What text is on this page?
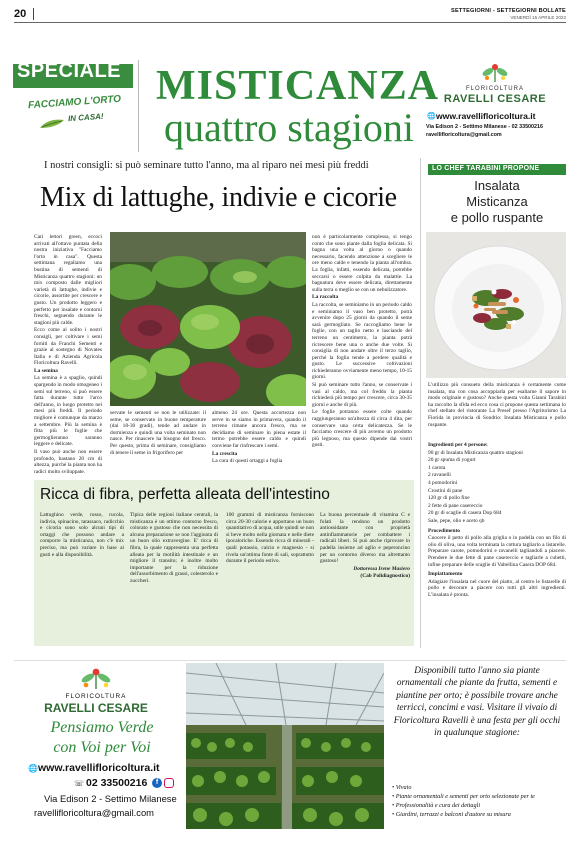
20	SETTEGIORNI - SETTEGIORNI BOLLATE
VENERDÌ 15 APRILE 2022
SPECIALE
FACCIAMO L'ORTO
IN CASA!
MISTICANZA
quattro stagioni
FLORICOLTURA
RAVELLI CESARE
🌐 www.ravellifloricoltura.it
Via Edison 2 - Settimo Milanese - 02 33500216
ravellifloricoltura@gmail.com
I nostri consigli: si può seminare tutto l'anno, ma al riparo nei mesi più freddi
Mix di lattughe, indivie e cicorie

Cari lettori green, eccoci arrivati all'ottavo puntata della nostra iniziativa "Facciamo l'orto in casa". Questa settimana regaliamo una bustina di sementi di Misticanza quattro stagioni: un mix composto dalle migliori varietà di lattughe, indivie e cicorie, assortite per crescere e gusto. Un prodotto leggero e perfetto per insalate e contorni freschi, seguendo durante le stagioni più calde.

Ecco come al solito i nostri consigli, per coltivare i semi forniti da Franchi Sementi e grazie al sostegno di Novates Italia e di Azienda Agricola Floricoltura Ravelli.

La semina

La semina è a spaglio, quindi spargendo in modo omogeneo i semi sul terreno, si può essere fatta durante tutto l'arco dell'anno, in luogo protetto nei mesi più freddi. Il periodo migliore è comunque da marzo a settembre. Più la semina è fitta più le foglie che germoglieranno saranno leggere e delicate.

Il vaso può anche non essere profondo, bastano 20 cm di altezza, purché la pianta non ha radici molto sviluppate.

servate le sementi se non le utilizzate: il seme, se conservato in buone temperature (dai 18-30 gradi), tende ad andare in dormienza e quindi una volta seminato non nasce. Per rinascere ha bisogno del fresco. Per questo, prima di seminare, consigliamo di tenere il seme in frigorifero per

almeno 24 ore. Questa accortezza non serve in se siamo in primavera, quando il terreno rimane ancora fresco, ma se decidiamo di seminare in piena estate il termo potrebbe essere caldo e quindi conviene far rinfrescare i semi.

La crescita

La cura di questi ortaggi a foglia

non è particolarmente complessa, si tengo conto che sono piante dalla foglia delicata. Si bagna una volta al giorno o quando necessario, facendo attenzione a scegliere le ore meno calde e tenendo la pianta all'ombra. La foglia, infatti, essendo delicata, potrebbe seccarsi o essere colpita da malattie. La bagnatura deve essere delicata, direttamente sulla terra o meglio se con un nebulizzatore.

La raccolta

La raccolta, se seminiamo in un periodo caldo e seminiamo il vaso ben protetto, potrà avvenire dopo 25 giorni da quando il seme sarà germogliato. Se raccogliamo bene le foglie, con un taglio netto e lasciando del terreno un centimetro, la pianta potrà ricrescere bene una o anche due volte. Si consiglia di non andare oltre il terzo taglio, perché la foglia tende a perdere qualità e gusto. Le successive coltivazioni richiederanno ovviamente meno tempo, 10-15 giorni.

Si può seminare tutto l'anno, se conservate i vasi al caldo, ma col freddo la pianta richiederà più tempo per crescere, circa 30-35 giorni e anche di più.

Le foglie potranno essere colte quando raggiungeranno un'altezza di circa 4 dita, per conservare una certa delicatezza. Se le facciamo crescere di più avremo un prodotto più legnoso, ma questo dipende dai vostri gusti.

Ricca di fibra, perfetta alleata dell'intestino
Lattughino verde, rosso, rucola, indivia, spinacino, tarassaco, radicchio e cicoria sono solo alcuni tipi di ortaggi che possono andare a comporre la misticanza, non c'è mix preciso, ma può variare in base ai gusti e alla disponibilità.
Tipica delle regioni italiane centrali, la misticanza è un ottimo contorno fresco, colorato e gustoso che non necessita di alcuna preparazione se non l'aggiunta di un buon olio extravergine. E' ricca di fibra, la quale rappresenta una perfetta alleata per la motilità intestinale e un migliore il transito; è inoltre molto importante per la riduzione dell'assorbimento di grassi, colesterolo e zuccheri.
100 grammi di misticanza forniscono circa 20-30 calorie e apportano un buon quantitativo di acqua, utile quindi se non si beve molto nella giornata e nelle diete ipocaloriche. Essendo ricca di minerali - quali potassio, calcio e magnesio - si rivela un'ottima fonte di sali, soprattutto durante il periodo estivo.

La buona percentuale di vitamina C e folati la rendono un prodotto antiossidante con proprietà antinfiammatorie per combattere i radicali liberi. Si può anche riprovare in padella insieme ad aglio e peperoncino per un contorno diverso ma altrettanto gustoso!

Dottoressa Irene Masiero

(Cab Polidiagnostico)

LO CHEF TARABINI PROPONE
Insalata
Misticanza
e pollo ruspante
L'utilizzo più consueto della misticanza è certamente come insalata, ma con cosa accoppiarla per esaltarne il sapore in modo originale e gustoso? Anche questa volta Gianni Tarabini ha raccolto la sfida ed ecco cosa ci propone questa settimana lo chef stellato del ristorante La Presef presso l'Agriturismo La Fiorida in provincia di Sondrio: Insalata Misticanza e pollo ruspante.

Ingredienti per 4 persone:

90 gr di Insalata Misticanza quattro stagioni

20 gr spuma di yogurt

1 carota

2 ravanelli

4 pomodorini

Crostini di pane

120 gr di pollo fine

2 fette di pane casereccio

20 gr di scaglie di casera Dop 684

Sale, pepe, olio e aceto qb

Procedimento

Cuocere il petto di pollo alla griglia o in padella con un filo di olio di oliva, una volta terminata la cottura tagliarlo a listarelle. Preparare carote, pomodorini e ravanelli tagliandoli a piacere. Prendere le due fette di pane casereccio e tagliarle a cubetti, infine preparare delle scaglie di Valtellina Casera DOP 684.

Impiattamento

Adagiare l'insalata nel cuore del piatto, al centro le listarelle di pollo e decorare a piacere con tutti gli altri ingredienti. L'insalata è pronta.

FLORICOLTURA
RAVELLI CESARE
Pensiamo Verde
con Voi per Voi
🌐 www.ravellifloricoltura.it
☏ 02 33500216	f
Via Edison 2 - Settimo Milanese
ravellifloricoltura@gmail.com
Disponibili tutto l'anno sia piante ornamentali che piante da frutta, sementi e piantine per orto; è possibile trovare anche terricci, concimi e vasi. Visitare il vivaio di Floricoltura Ravelli è una festa per gli occhi in qualunque stagione:
• Vivaio
• Piante ornamentali e sementi per orto selezionate per te
• Professionalità e cura dei dettagli
• Giardini, terrazzi e balconi d'autore su misura
